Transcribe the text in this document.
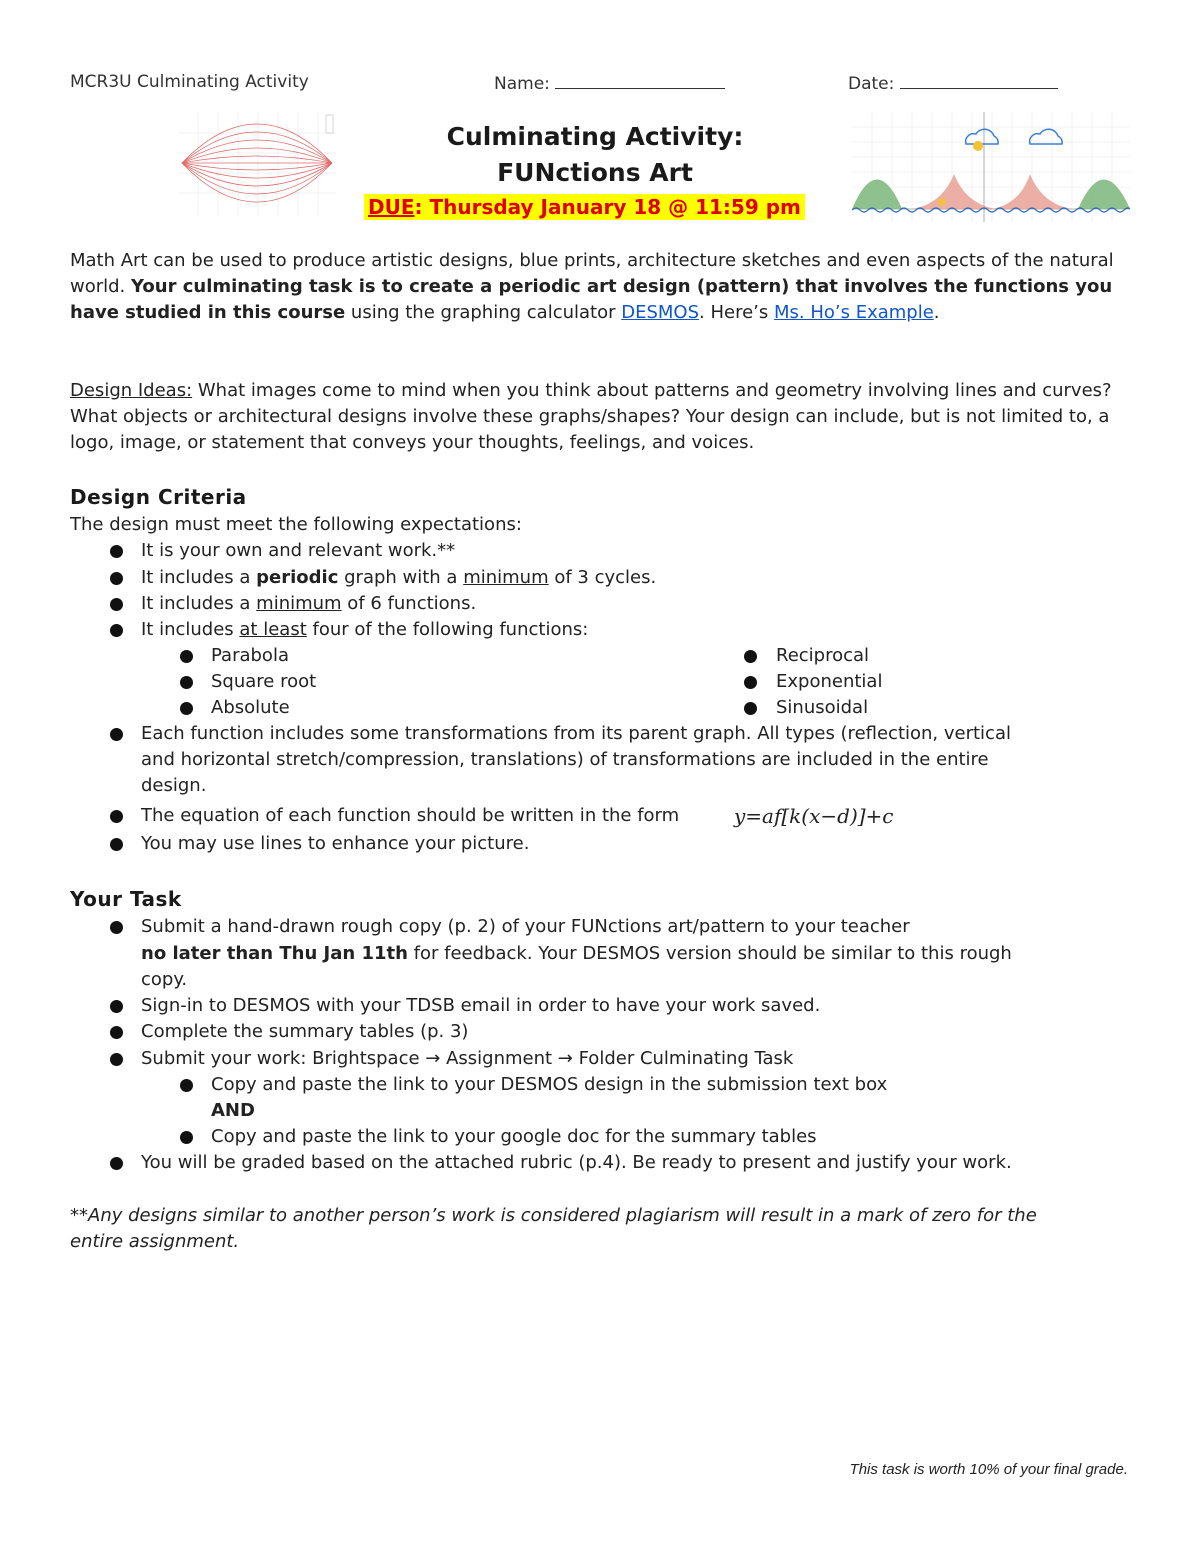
MCR3U Culminating Activity	Name:	Date:
Culminating Activity:
FUNctions Art
DUE: Thursday January 18 @ 11:59 pm

Math Art can be used to produce artistic designs, blue prints, architecture sketches and even aspects of the natural world. Your culminating task is to create a periodic art design (pattern) that involves the functions you have studied in this course using the graphing calculator DESMOS. Here’s Ms. Ho’s Example.

Design Ideas: What images come to mind when you think about patterns and geometry involving lines and curves? What objects or architectural designs involve these graphs/shapes? Your design can include, but is not limited to, a logo, image, or statement that conveys your thoughts, feelings, and voices.

Design Criteria
The design must meet the following expectations:
It is your own and relevant work.**
It includes a periodic graph with a minimum of 3 cycles.
It includes a minimum of 6 functions.
It includes at least four of the following functions:
Parabola
Square root
Absolute
Reciprocal
Exponential
Sinusoidal
Each function includes some transformations from its parent graph. All types (reflection, vertical
and horizontal stretch/compression, translations) of transformations are included in the entire
design.
The equation of each function should be written in the form	y=af[k(x−d)]+c
You may use lines to enhance your picture.
Your Task
Submit a hand-drawn rough copy (p. 2) of your FUNctions art/pattern to your teacher
no later than Thu Jan 11th for feedback. Your DESMOS version should be similar to this rough
copy.
Sign-in to DESMOS with your TDSB email in order to have your work saved.
Complete the summary tables (p. 3)
Submit your work: Brightspace → Assignment → Folder Culminating Task
Copy and paste the link to your DESMOS design in the submission text box
AND
Copy and paste the link to your google doc for the summary tables
You will be graded based on the attached rubric (p.4). Be ready to present and justify your work.
**Any designs similar to another person’s work is considered plagiarism will result in a mark of zero for the
entire assignment.
This task is worth 10% of your final grade.
